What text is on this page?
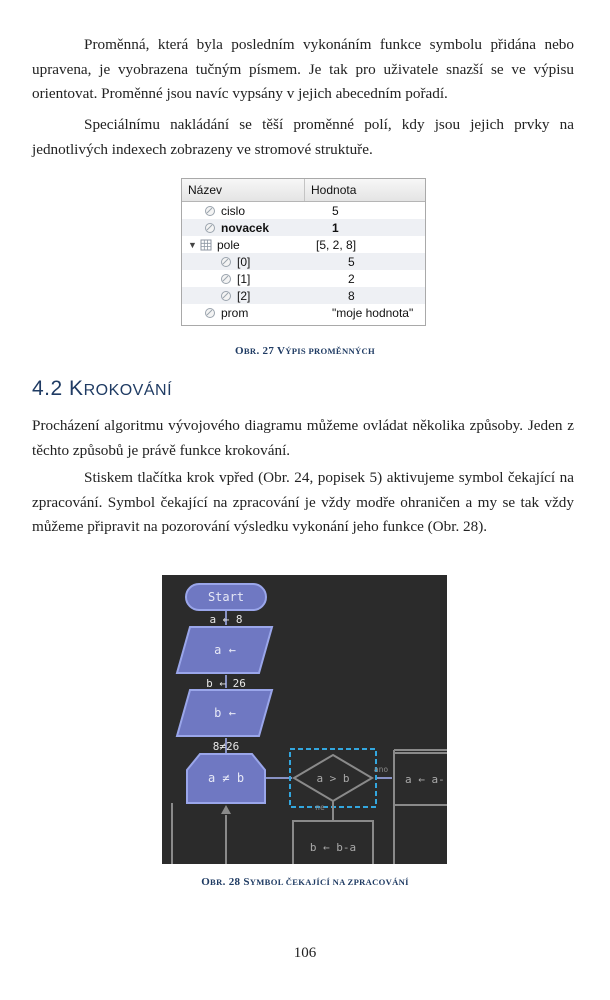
Proměnná, která byla posledním vykonáním funkce symbolu přidána nebo upravena, je vyobrazena tučným písmem. Je tak pro uživatele snazší se ve výpisu orientovat. Proměnné jsou navíc vypsány v jejich abecedním pořadí.

Speciálnímu nakládání se těší proměnné polí, kdy jsou jejich prvky na jednotlivých indexech zobrazeny ve stromové struktuře.

Název	Hodnota
cislo	5
novacek	1
▼ pole	[5, 2, 8]
[0]	5
[1]	2
[2]	8
prom	"moje hodnota"
OBR. 27 VÝPIS PROMĚNNÝCH
4.2 KROKOVÁNÍ

Procházení algoritmu vývojového diagramu můžeme ovládat několika způsoby. Jeden z těchto způsobů je právě funkce krokování.

Stiskem tlačítka krok vpřed (Obr. 24, popisek 5) aktivujeme symbol čekající na zpracování. Symbol čekající na zpracování je vždy modře ohraničen a my se tak vždy můžeme připravit na pozorování výsledku vykonání jeho funkce (Obr. 28).

Start
a ← 8
a ←
b ← 26
b ←
8≠26
a ≠ b	a > b
ano
ne
a ← a-
b ← b-a
OBR. 28 SYMBOL ČEKAJÍCÍ NA ZPRACOVÁNÍ
106
